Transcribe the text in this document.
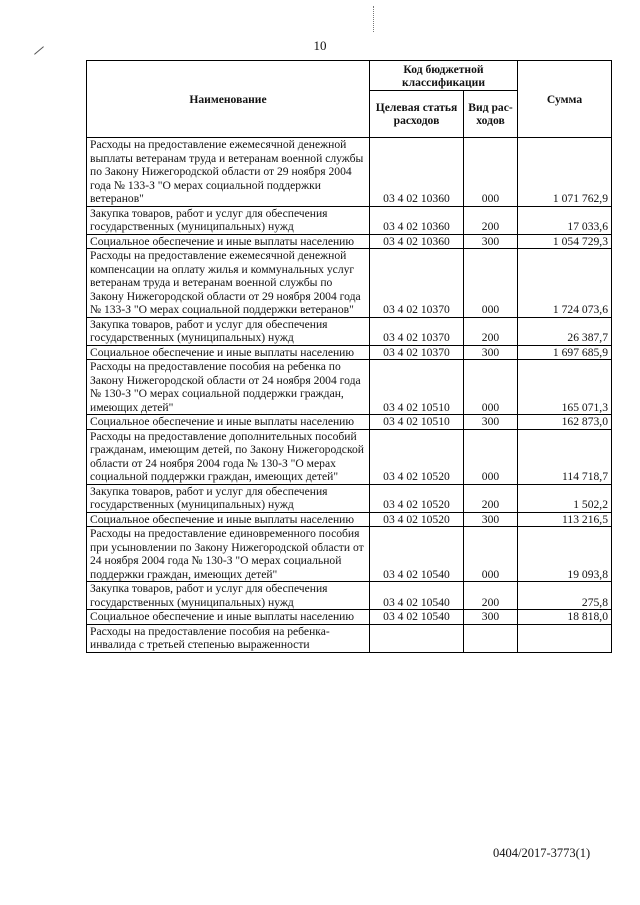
10
Наименование	Код бюджетной классификации		Сумма
	Целевая статья расходов	Вид рас-ходов	
Расходы на предоставление ежемесячной денежной выплаты ветеранам труда и ветеранам военной службы по Закону Нижегородской области от 29 ноября 2004 года № 133-З "О мерах социальной поддержки ветеранов"	03 4 02 10360	000	1 071 762,9
Закупка товаров, работ и услуг для обеспечения государственных (муниципальных) нужд	03 4 02 10360	200	17 033,6
Социальное обеспечение и иные выплаты населению	03 4 02 10360	300	1 054 729,3
Расходы на предоставление ежемесячной денежной компенсации на оплату жилья и коммунальных услуг ветеранам труда и ветеранам военной службы по Закону Нижегородской области от 29 ноября 2004 года № 133-З "О мерах социальной поддержки ветеранов"	03 4 02 10370	000	1 724 073,6
Закупка товаров, работ и услуг для обеспечения государственных (муниципальных) нужд	03 4 02 10370	200	26 387,7
Социальное обеспечение и иные выплаты населению	03 4 02 10370	300	1 697 685,9
Расходы на предоставление пособия на ребенка по Закону Нижегородской области от 24 ноября 2004 года № 130-З "О мерах социальной поддержки граждан, имеющих детей"	03 4 02 10510	000	165 071,3
Социальное обеспечение и иные выплаты населению	03 4 02 10510	300	162 873,0
Расходы на предоставление дополнительных пособий гражданам, имеющим детей, по Закону Нижегородской области от 24 ноября 2004 года № 130-З "О мерах социальной поддержки граждан, имеющих детей"	03 4 02 10520	000	114 718,7
Закупка товаров, работ и услуг для обеспечения государственных (муниципальных) нужд	03 4 02 10520	200	1 502,2
Социальное обеспечение и иные выплаты населению	03 4 02 10520	300	113 216,5
Расходы на предоставление единовременного пособия при усыновлении по Закону Нижегородской области от 24 ноября 2004 года № 130-З "О мерах социальной поддержки граждан, имеющих детей"	03 4 02 10540	000	19 093,8
Закупка товаров, работ и услуг для обеспечения государственных (муниципальных) нужд	03 4 02 10540	200	275,8
Социальное обеспечение и иные выплаты населению	03 4 02 10540	300	18 818,0
Расходы на предоставление пособия на ребенка-инвалида с третьей степенью выраженности			
0404/2017-3773(1)
